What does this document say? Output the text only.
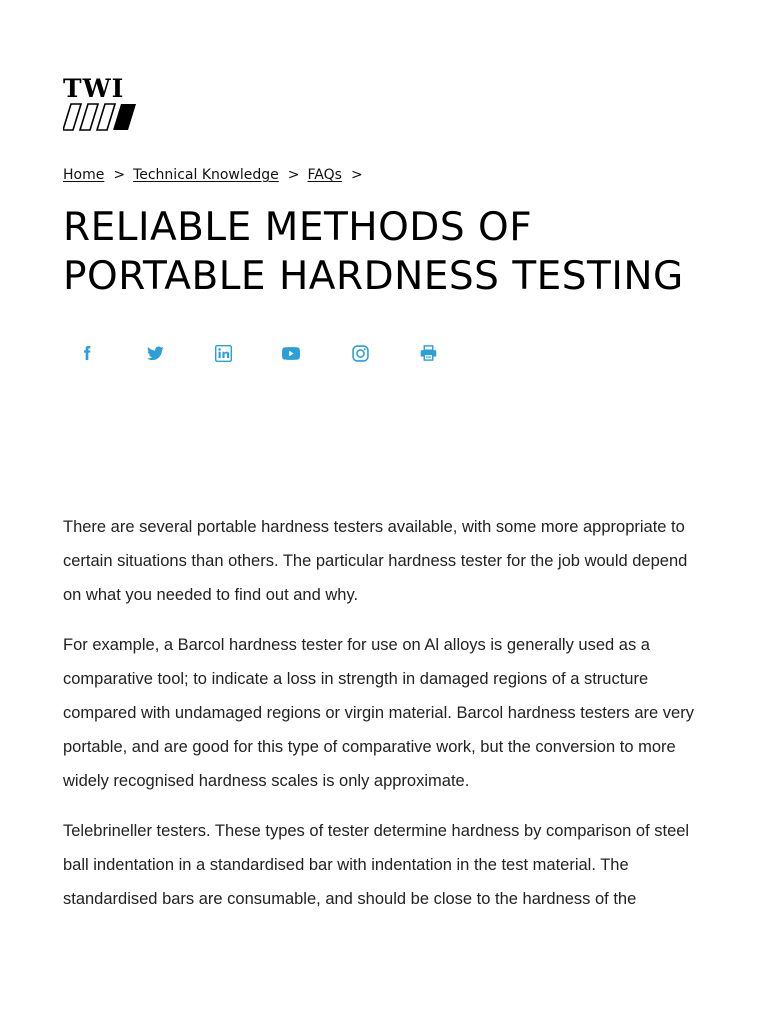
TWI
Home > Technical Knowledge > FAQs >
RELIABLE METHODS OF PORTABLE HARDNESS TESTING

There are several portable hardness testers available, with some more appropriate to certain situations than others. The particular hardness tester for the job would depend on what you needed to find out and why.

For example, a Barcol hardness tester for use on Al alloys is generally used as a comparative tool; to indicate a loss in strength in damaged regions of a structure compared with undamaged regions or virgin material. Barcol hardness testers are very portable, and are good for this type of comparative work, but the conversion to more widely recognised hardness scales is only approximate.

Telebrineller testers. These types of tester determine hardness by comparison of steel ball indentation in a standardised bar with indentation in the test material. The standardised bars are consumable, and should be close to the hardness of the
